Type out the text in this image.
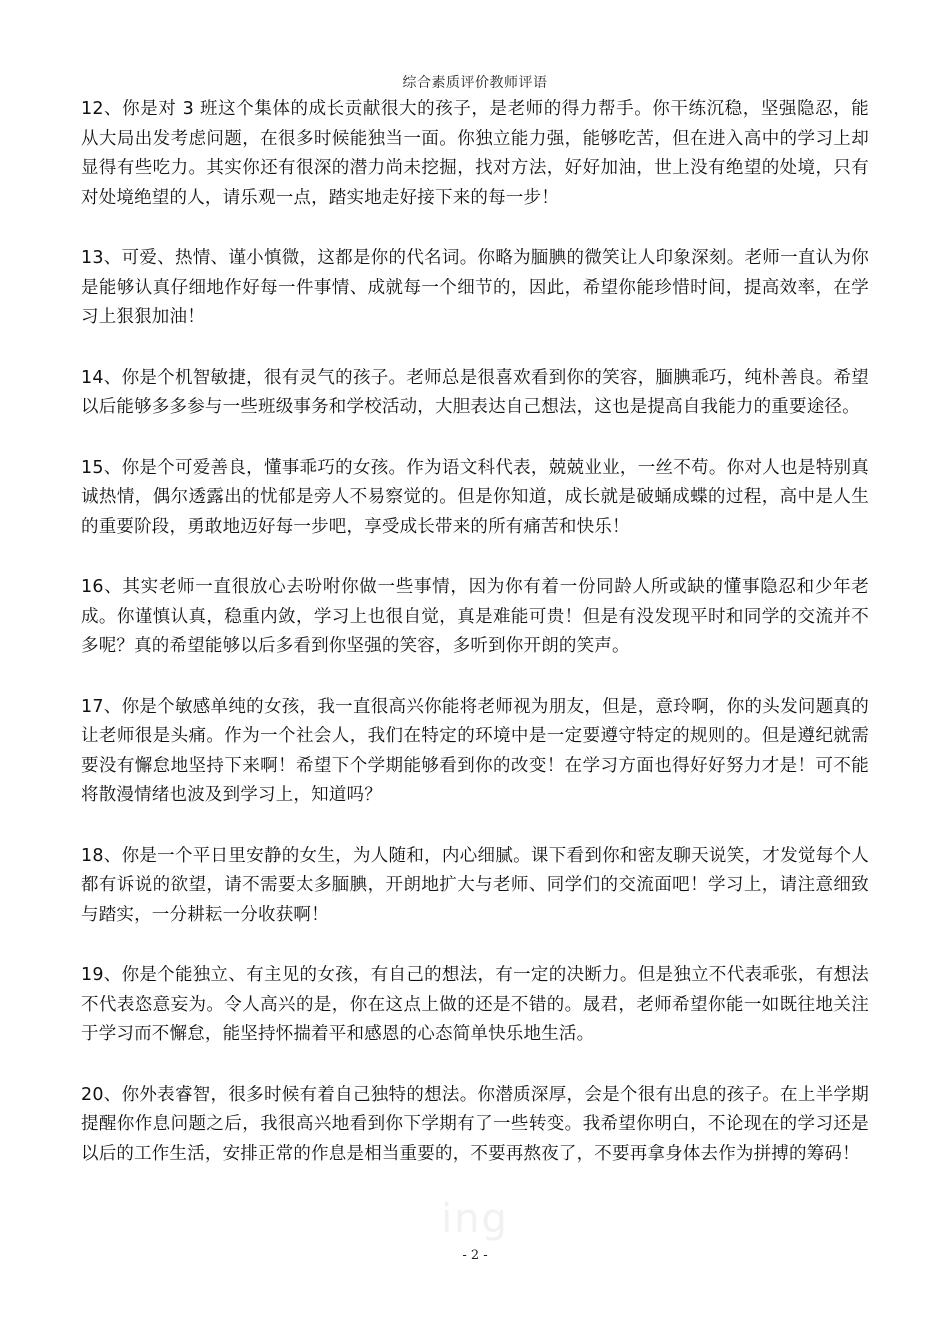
综合素质评价教师评语

12、你是对 3 班这个集体的成长贡献很大的孩子，是老师的得力帮手。你干练沉稳，坚强隐忍，能从大局出发考虑问题，在很多时候能独当一面。你独立能力强，能够吃苦，但在进入高中的学习上却显得有些吃力。其实你还有很深的潜力尚未挖掘，找对方法，好好加油，世上没有绝望的处境，只有对处境绝望的人，请乐观一点，踏实地走好接下来的每一步！

13、可爱、热情、谨小慎微，这都是你的代名词。你略为腼腆的微笑让人印象深刻。老师一直认为你是能够认真仔细地作好每一件事情、成就每一个细节的，因此，希望你能珍惜时间，提高效率，在学习上狠狠加油！

14、你是个机智敏捷，很有灵气的孩子。老师总是很喜欢看到你的笑容，腼腆乖巧，纯朴善良。希望以后能够多多参与一些班级事务和学校活动，大胆表达自己想法，这也是提高自我能力的重要途径。

15、你是个可爱善良，懂事乖巧的女孩。作为语文科代表，兢兢业业，一丝不苟。你对人也是特别真诚热情，偶尔透露出的忧郁是旁人不易察觉的。但是你知道，成长就是破蛹成蝶的过程，高中是人生的重要阶段，勇敢地迈好每一步吧，享受成长带来的所有痛苦和快乐！

16、其实老师一直很放心去吩咐你做一些事情，因为你有着一份同龄人所或缺的懂事隐忍和少年老成。你谨慎认真，稳重内敛，学习上也很自觉，真是难能可贵！但是有没发现平时和同学的交流并不多呢？真的希望能够以后多看到你坚强的笑容，多听到你开朗的笑声。

17、你是个敏感单纯的女孩，我一直很高兴你能将老师视为朋友，但是，意玲啊，你的头发问题真的让老师很是头痛。作为一个社会人，我们在特定的环境中是一定要遵守特定的规则的。但是遵纪就需要没有懈怠地坚持下来啊！希望下个学期能够看到你的改变！在学习方面也得好好努力才是！可不能将散漫情绪也波及到学习上，知道吗？

18、你是一个平日里安静的女生，为人随和，内心细腻。课下看到你和密友聊天说笑，才发觉每个人都有诉说的欲望，请不需要太多腼腆，开朗地扩大与老师、同学们的交流面吧！学习上，请注意细致与踏实，一分耕耘一分收获啊！

19、你是个能独立、有主见的女孩，有自己的想法，有一定的决断力。但是独立不代表乖张，有想法不代表恣意妄为。令人高兴的是，你在这点上做的还是不错的。晟君，老师希望你能一如既往地关注于学习而不懈怠，能坚持怀揣着平和感恩的心态简单快乐地生活。

20、你外表睿智，很多时候有着自己独特的想法。你潜质深厚，会是个很有出息的孩子。在上半学期提醒你作息问题之后，我很高兴地看到你下学期有了一些转变。我希望你明白，不论现在的学习还是以后的工作生活，安排正常的作息是相当重要的，不要再熬夜了，不要再拿身体去作为拼搏的筹码！

ing
- 2 -
